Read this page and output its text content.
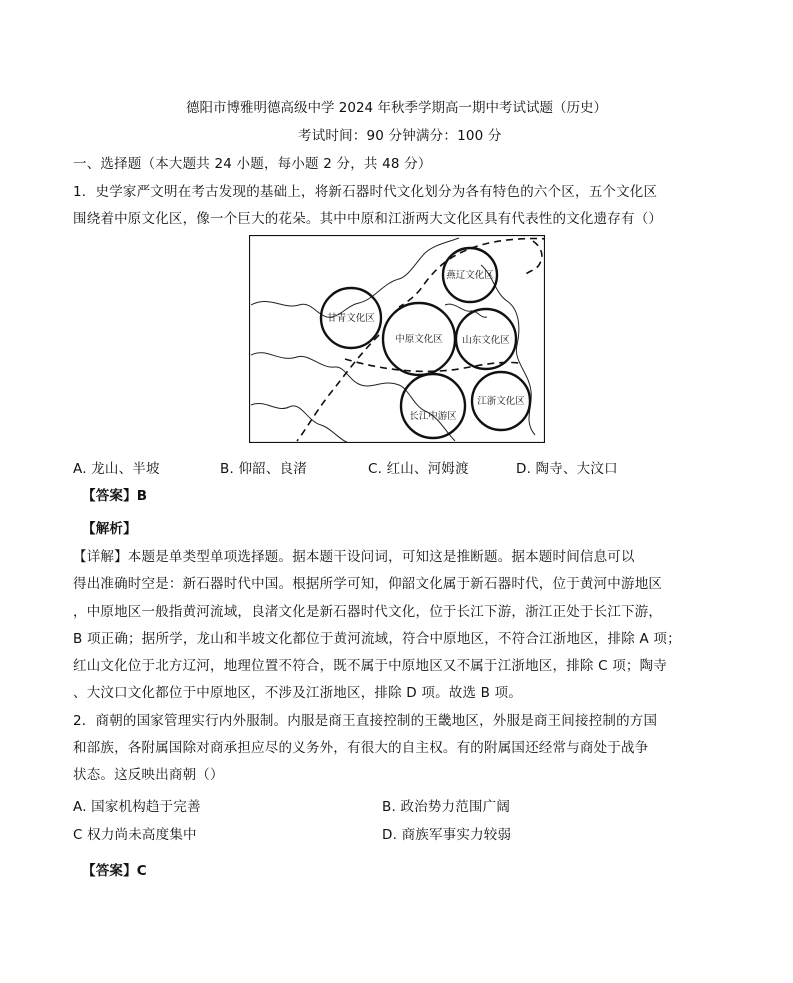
德阳市博雅明德高级中学 2024 年秋季学期高一期中考试试题（历史）
考试时间：90 分钟满分：100 分
一、选择题（本大题共 24 小题，每小题 2 分，共 48 分）
1．史学家严文明在考古发现的基础上，将新石器时代文化划分为各有特色的六个区，五个文化区
围绕着中原文化区，像一个巨大的花朵。其中中原和江浙两大文化区具有代表性的文化遗存有（）
燕辽文化区
甘青文化区
中原文化区 山东文化区
长江中游区
江浙文化区
A. 龙山、半坡	B. 仰韶、良渚	C. 红山、河姆渡	D. 陶寺、大汶口
【答案】B
【解析】
【详解】本题是单类型单项选择题。据本题干设问词，可知这是推断题。据本题时间信息可以
得出准确时空是：新石器时代中国。根据所学可知，仰韶文化属于新石器时代，位于黄河中游地区
，中原地区一般指黄河流域，良渚文化是新石器时代文化，位于长江下游，浙江正处于长江下游，
B 项正确；据所学，龙山和半坡文化都位于黄河流域，符合中原地区，不符合江浙地区，排除 A 项；
红山文化位于北方辽河，地理位置不符合，既不属于中原地区又不属于江浙地区，排除 C 项；陶寺
、大汶口文化都位于中原地区，不涉及江浙地区，排除 D 项。故选 B 项。
2．商朝的国家管理实行内外服制。内服是商王直接控制的王畿地区，外服是商王间接控制的方国
和部族，各附属国除对商承担应尽的义务外，有很大的自主权。有的附属国还经常与商处于战争
状态。这反映出商朝（）
A. 国家机构趋于完善	B. 政治势力范围广阔
C 权力尚未高度集中	D. 商族军事实力较弱
【答案】C
